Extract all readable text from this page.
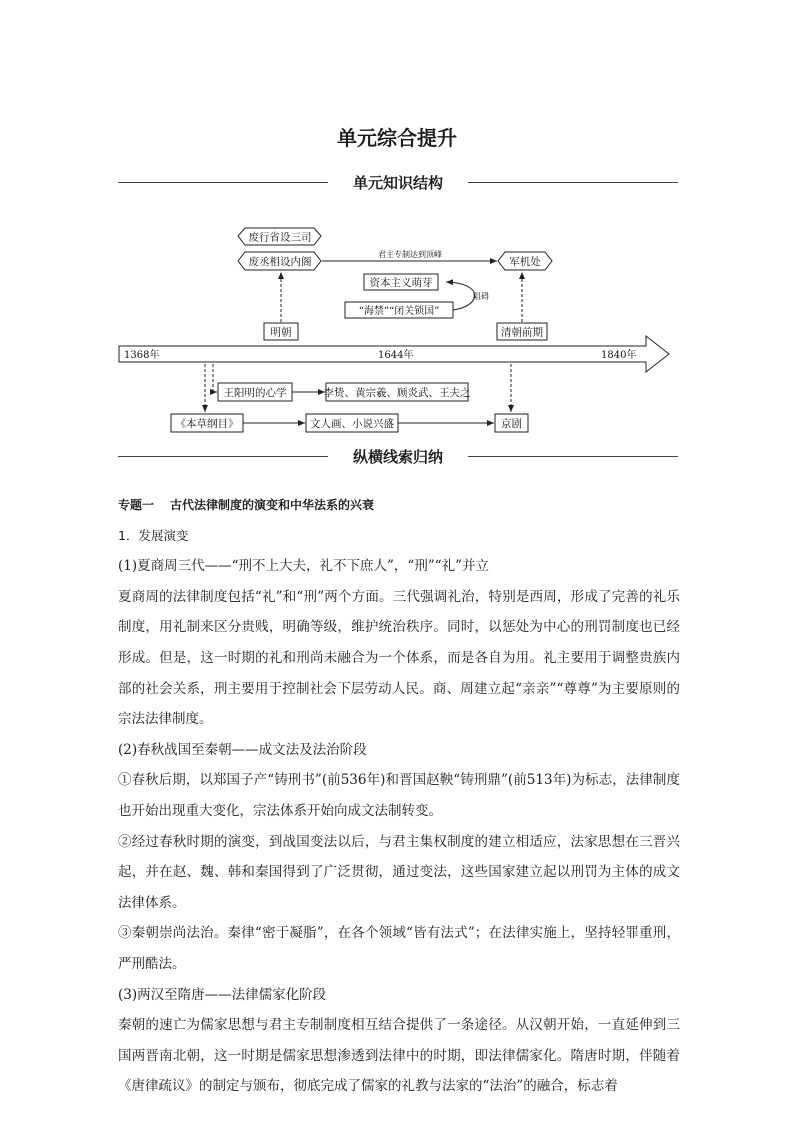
单元综合提升
单元知识结构
废行省设三司
废丞相设内阁
君主专制达到顶峰
军机处
资本主义萌芽
“海禁”“闭关锁国”
阻碍
明朝	清朝前期
1368年	1644年	1840年
王阳明的心学	李贽、黄宗羲、顾炎武、王夫之
《本草纲目》	文人画、小说兴盛	京剧
纵横线索归纳

专题一 古代法律制度的演变和中华法系的兴衰

1．发展演变

(1)夏商周三代——“刑不上大夫，礼不下庶人”，“刑”“礼”并立

夏商周的法律制度包括“礼”和“刑”两个方面。三代强调礼治，特别是西周，形成了完善的礼乐制度，用礼制来区分贵贱，明确等级，维护统治秩序。同时，以惩处为中心的刑罚制度也已经形成。但是，这一时期的礼和刑尚未融合为一个体系，而是各自为用。礼主要用于调整贵族内部的社会关系，刑主要用于控制社会下层劳动人民。商、周建立起“亲亲”“尊尊”为主要原则的宗法法律制度。

(2)春秋战国至秦朝——成文法及法治阶段

①春秋后期，以郑国子产“铸刑书”(前536年)和晋国赵鞅“铸刑鼎”(前513年)为标志，法律制度也开始出现重大变化，宗法体系开始向成文法制转变。

②经过春秋时期的演变，到战国变法以后，与君主集权制度的建立相适应，法家思想在三晋兴起，并在赵、魏、韩和秦国得到了广泛贯彻，通过变法，这些国家建立起以刑罚为主体的成文法律体系。

③秦朝崇尚法治。秦律“密于凝脂”，在各个领域“皆有法式”；在法律实施上，坚持轻罪重刑，严刑酷法。

(3)两汉至隋唐——法律儒家化阶段

秦朝的速亡为儒家思想与君主专制制度相互结合提供了一条途径。从汉朝开始，一直延伸到三国两晋南北朝，这一时期是儒家思想渗透到法律中的时期，即法律儒家化。隋唐时期，伴随着《唐律疏议》的制定与颁布，彻底完成了儒家的礼教与法家的“法治”的融合，标志着
